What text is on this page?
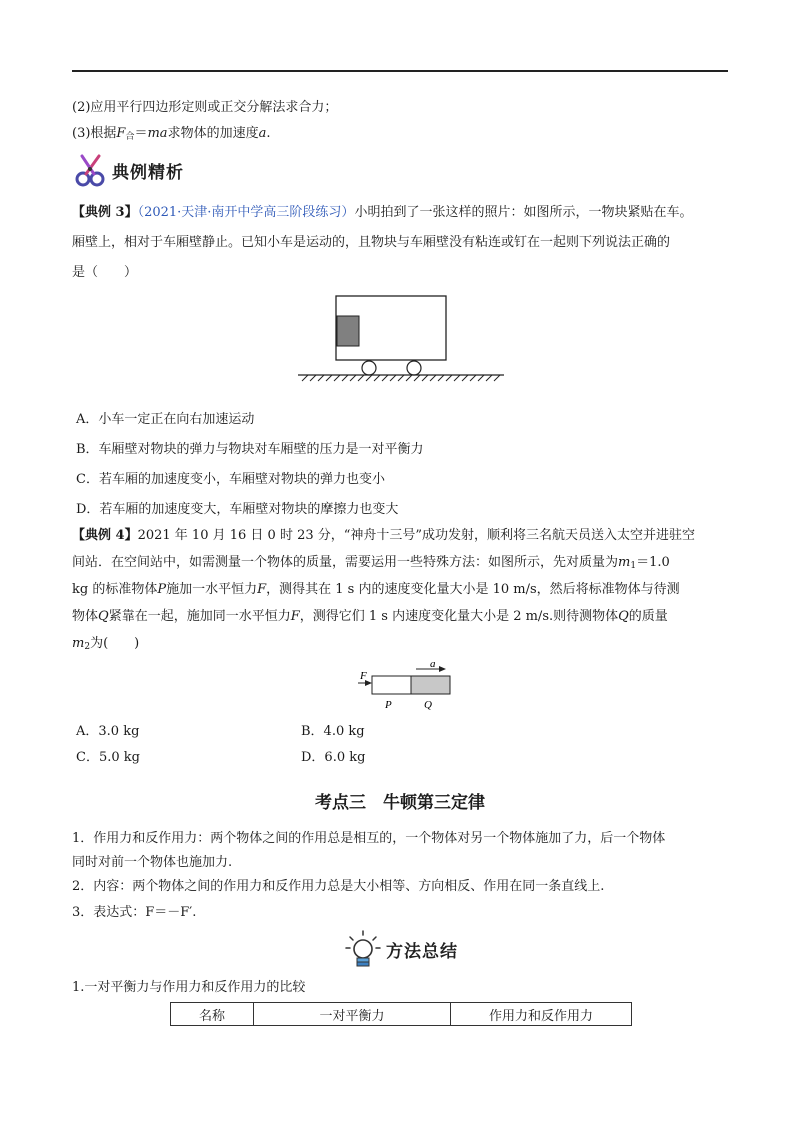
(2)应用平行四边形定则或正交分解法求合力；
(3)根据$F_合=ma$求物体的加速度a.
典例精析
【典例 3】（2021·天津·南开中学高三阶段练习）小明拍到了一张这样的照片：如图所示，一物块紧贴在车。
厢壁上，相对于车厢壁静止。已知小车是运动的，且物块与车厢壁没有粘连或钉在一起则下列说法正确的
是（　　）
A．小车一定正在向右加速运动
B．车厢壁对物块的弹力与物块对车厢壁的压力是一对平衡力
C．若车厢的加速度变小，车厢壁对物块的弹力也变小
D．若车厢的加速度变大，车厢壁对物块的摩擦力也变大
【典例 4】2021 年 10 月 16 日 0 时 23 分，“神舟十三号”成功发射，顺利将三名航天员送入太空并进驻空
间站．在空间站中，如需测量一个物体的质量，需要运用一些特殊方法：如图所示，先对质量为$m_1=1.0$
kg 的标准物体P施加一水平恒力F，测得其在 1 s 内的速度变化量大小是 10 m/s，然后将标准物体与待测
物体Q紧靠在一起，施加同一水平恒力F，测得它们 1 s 内速度变化量大小是 2 m/s.则待测物体Q的质量
$m_2$为(　　)
F
a
P	Q
A．3.0 kg	B．4.0 kg
C．5.0 kg	D．6.0 kg
考点三　牛顿第三定律
1．作用力和反作用力：两个物体之间的作用总是相互的，一个物体对另一个物体施加了力，后一个物体
同时对前一个物体也施加力.
2．内容：两个物体之间的作用力和反作用力总是大小相等、方向相反、作用在同一条直线上.
3．表达式：F＝－F′.
方法总结
1.一对平衡力与作用力和反作用力的比较
名称	一对平衡力	作用力和反作用力
